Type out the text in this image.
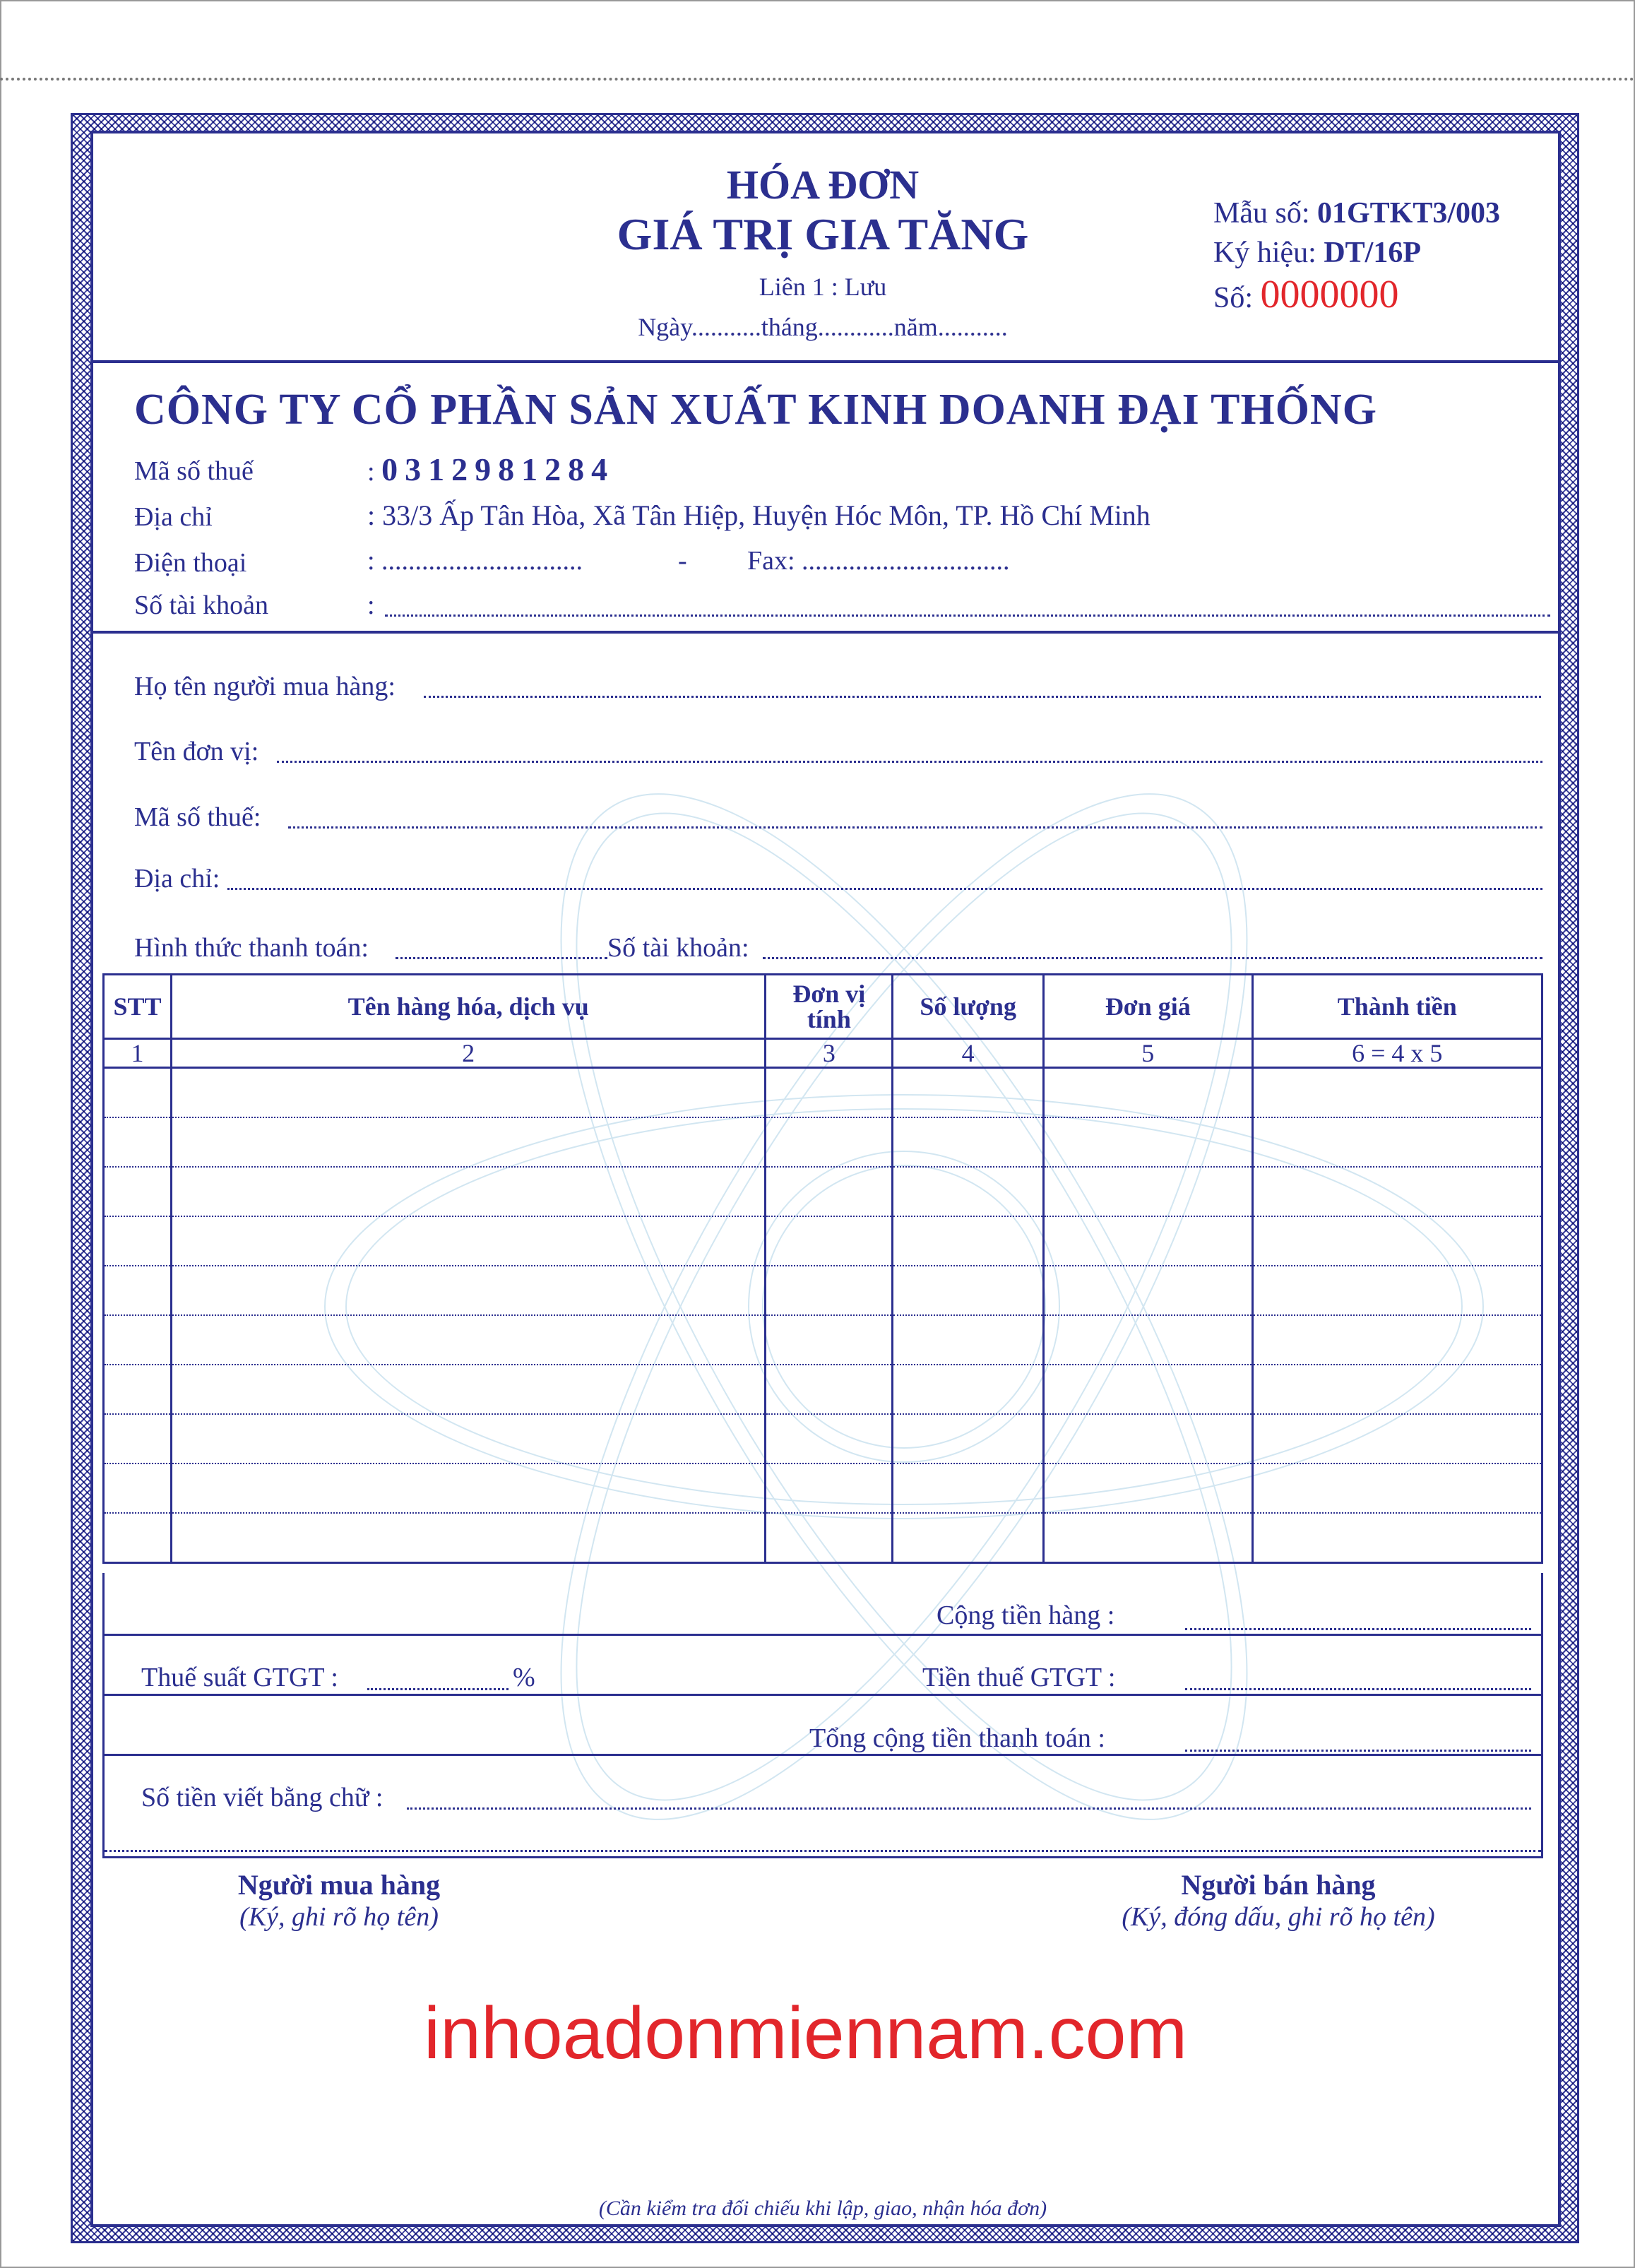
HÓA ĐƠN
GIÁ TRỊ GIA TĂNG
Liên 1 : Lưu
Ngày...........tháng............năm...........
Mẫu số: 01GTKT3/003
Ký hiệu: DT/16P
Số: 0000000
CÔNG TY CỔ PHẦN SẢN XUẤT KINH DOANH ĐẠI THỐNG
Mã số thuế	: 0312981284
Địa chỉ	: 33/3 Ấp Tân Hòa, Xã Tân Hiệp, Huyện Hóc Môn, TP. Hồ Chí Minh
Điện thoại	: ..............................	- Fax: ...............................
Số tài khoản	:
Họ tên người mua hàng:
Tên đơn vị:
Mã số thuế:
Địa chỉ:
Hình thức thanh toán:	Số tài khoản:
STT	Tên hàng hóa, dịch vụ	Đơn vị tính	Số lượng	Đơn giá	Thành tiền
1	2	3	4	5	6 = 4 x 5

Cộng tiền hàng :
Thuế suất GTGT :	%	Tiền thuế GTGT :
Tổng cộng tiền thanh toán :
Số tiền viết bằng chữ :
Người mua hàng
(Ký, ghi rõ họ tên)
Người bán hàng
(Ký, đóng dấu, ghi rõ họ tên)
inhoadonmiennam.com
(Cần kiểm tra đối chiếu khi lập, giao, nhận hóa đơn)
